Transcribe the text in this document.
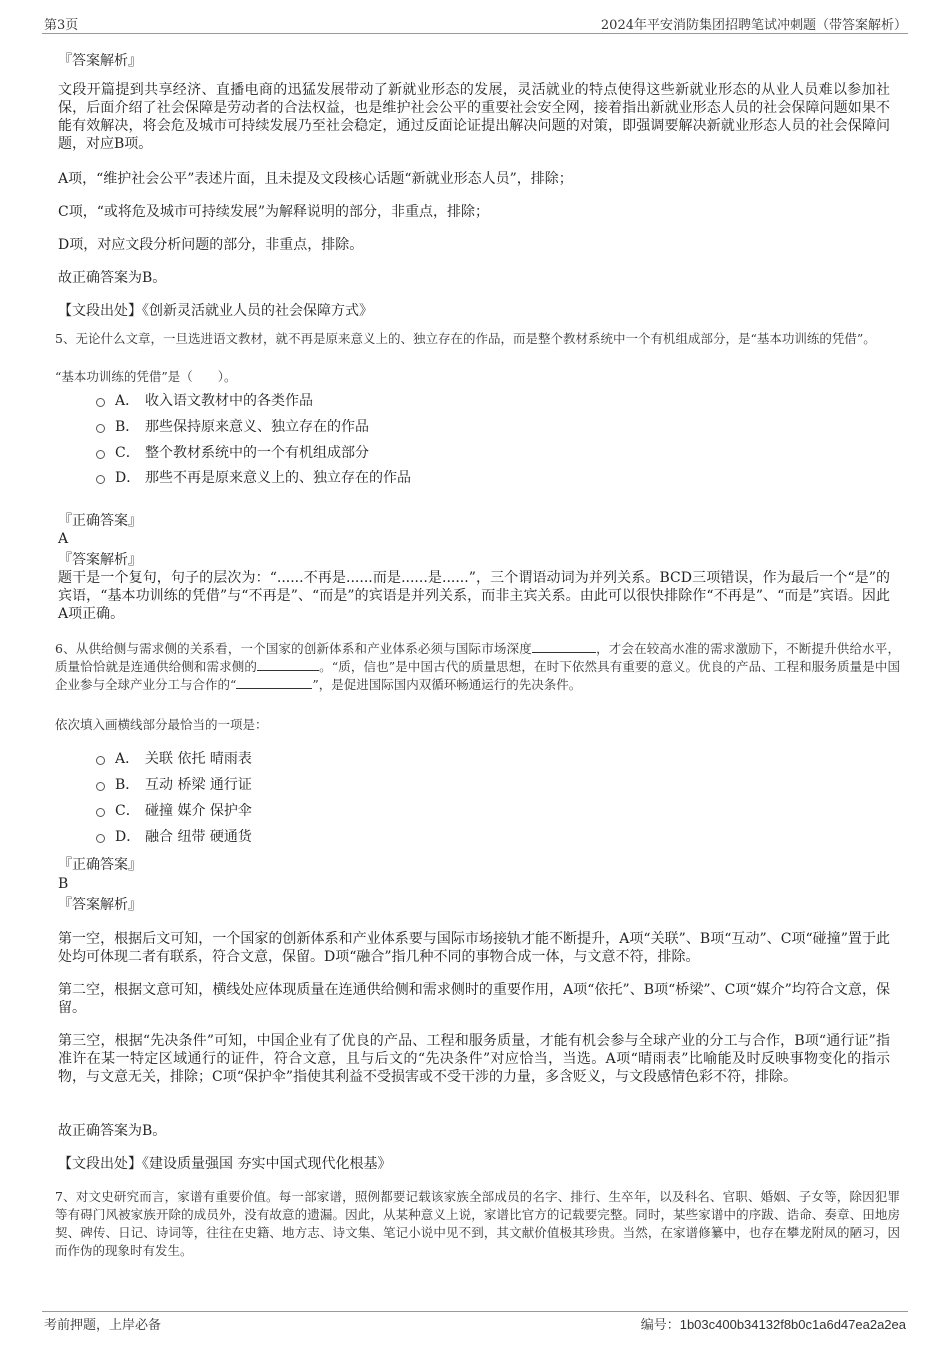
第3页	2024年平安消防集团招聘笔试冲刺题（带答案解析）
『答案解析』
文段开篇提到共享经济、直播电商的迅猛发展带动了新就业形态的发展，灵活就业的特点使得这些新就业形态的从业人员难以参加社保，后面介绍了社会保障是劳动者的合法权益，也是维护社会公平的重要社会安全网，接着指出新就业形态人员的社会保障问题如果不能有效解决，将会危及城市可持续发展乃至社会稳定，通过反面论证提出解决问题的对策，即强调要解决新就业形态人员的社会保障问题，对应B项。
A项，“维护社会公平”表述片面，且未提及文段核心话题“新就业形态人员”，排除；
C项，“或将危及城市可持续发展”为解释说明的部分，非重点，排除；
D项，对应文段分析问题的部分，非重点，排除。
故正确答案为B。
【文段出处】《创新灵活就业人员的社会保障方式》
5、无论什么文章，一旦选进语文教材，就不再是原来意义上的、独立存在的作品，而是整个教材系统中一个有机组成部分，是“基本功训练的凭借”。
“基本功训练的凭借”是（　　）。
A． 收入语文教材中的各类作品
B． 那些保持原来意义、独立存在的作品
C． 整个教材系统中的一个有机组成部分
D． 那些不再是原来意义上的、独立存在的作品
『正确答案』
A
『答案解析』
题干是一个复句，句子的层次为：“......不再是......而是......是......”，三个谓语动词为并列关系。BCD三项错误，作为最后一个“是”的宾语，“基本功训练的凭借”与“不再是”、“而是”的宾语是并列关系，而非主宾关系。由此可以很快排除作“不再是”、“而是”宾语。因此A项正确。
6、从供给侧与需求侧的关系看，一个国家的创新体系和产业体系必须与国际市场深度	，才会在较高水准的需求激励下，不断提升供给水平，质量恰恰就是连通供给侧和需求侧的	。“质，信也”是中国古代的质量思想，在时下依然具有重要的意义。优良的产品、工程和服务质量是中国企业参与全球产业分工与合作的“	”，是促进国际国内双循环畅通运行的先决条件。
依次填入画横线部分最恰当的一项是：
A． 关联 依托 晴雨表
B． 互动 桥梁 通行证
C． 碰撞 媒介 保护伞
D． 融合 纽带 硬通货
『正确答案』
B
『答案解析』
第一空，根据后文可知，一个国家的创新体系和产业体系要与国际市场接轨才能不断提升，A项“关联”、B项“互动”、C项“碰撞”置于此处均可体现二者有联系，符合文意，保留。D项“融合”指几种不同的事物合成一体，与文意不符，排除。
第二空，根据文意可知，横线处应体现质量在连通供给侧和需求侧时的重要作用，A项“依托”、B项“桥梁”、C项“媒介”均符合文意，保留。
第三空，根据“先决条件”可知，中国企业有了优良的产品、工程和服务质量，才能有机会参与全球产业的分工与合作，B项“通行证”指准许在某一特定区域通行的证件，符合文意，且与后文的“先决条件”对应恰当，当选。A项“晴雨表”比喻能及时反映事物变化的指示物，与文意无关，排除；C项“保护伞”指使其利益不受损害或不受干涉的力量，多含贬义，与文段感情色彩不符，排除。
故正确答案为B。
【文段出处】《建设质量强国 夯实中国式现代化根基》
7、对文史研究而言，家谱有重要价值。每一部家谱，照例都要记载该家族全部成员的名字、排行、生卒年，以及科名、官职、婚姻、子女等，除因犯罪等有碍门风被家族开除的成员外，没有故意的遗漏。因此，从某种意义上说，家谱比官方的记载要完整。同时，某些家谱中的序跋、诰命、奏章、田地房契、碑传、日记、诗词等，往往在史籍、地方志、诗文集、笔记小说中见不到，其文献价值极其珍贵。当然，在家谱修纂中，也存在攀龙附凤的陋习，因而作伪的现象时有发生。
考前押题，上岸必备	编号：1b03c400b34132f8b0c1a6d47ea2a2ea
